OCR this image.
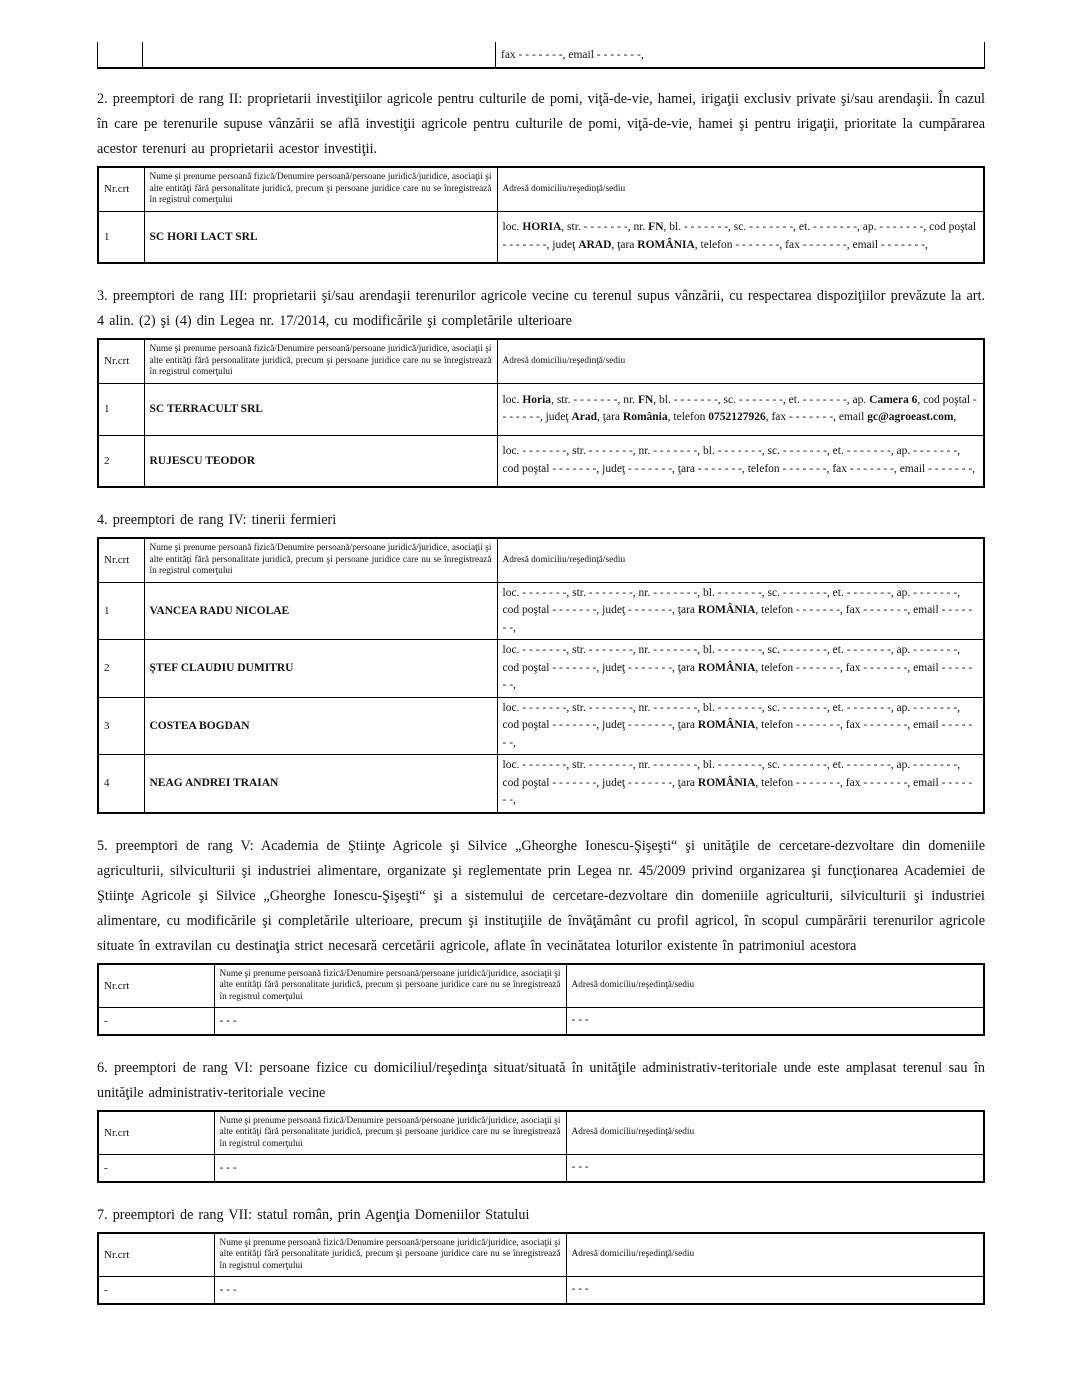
fax - - - - - - -, email - - - - - - -,

2. preemptori de rang II: proprietarii investiţiilor agricole pentru culturile de pomi, viţă-de-vie, hamei, irigaţii exclusiv private şi/sau arendaşii. În cazul în care pe terenurile supuse vânzării se află investiţii agricole pentru culturile de pomi, viţă-de-vie, hamei şi pentru irigaţii, prioritate la cumpărarea acestor terenuri au proprietarii acestor investiţii.

Nr.crt	Nume şi prenume persoană fizică/Denumire persoană/persoane juridică/juridice, asociaţii şi alte entităţi fără personalitate juridică, precum şi persoane juridice care nu se înregistrează în registrul comerţului	Adresă domiciliu/reşedinţă/sediu
1	SC HORI LACT SRL	loc. HORIA, str. - - - - - - -, nr. FN, bl. - - - - - - -, sc. - - - - - - -, et. - - - - - - -, ap. - - - - - - -, cod poştal - - - - - - -, judeţ ARAD, ţara ROMÂNIA, telefon - - - - - - -, fax - - - - - - -, email - - - - - - -,

3. preemptori de rang III: proprietarii şi/sau arendaşii terenurilor agricole vecine cu terenul supus vânzării, cu respectarea dispoziţiilor prevăzute la art. 4 alin. (2) şi (4) din Legea nr. 17/2014, cu modificările şi completările ulterioare

Nr.crt	Nume şi prenume persoană fizică/Denumire persoană/persoane juridică/juridice, asociaţii şi alte entităţi fără personalitate juridică, precum şi persoane juridice care nu se înregistrează în registrul comerţului	Adresă domiciliu/reşedinţă/sediu
1	SC TERRACULT SRL	loc. Horia, str. - - - - - - -, nr. FN, bl. - - - - - - -, sc. - - - - - - -, et. - - - - - - -, ap. Camera 6, cod poştal - - - - - - -, judeţ Arad, ţara România, telefon 0752127926, fax - - - - - - -, email gc@agroeast.com,
2	RUJESCU TEODOR	loc. - - - - - - -, str. - - - - - - -, nr. - - - - - - -, bl. - - - - - - -, sc. - - - - - - -, et. - - - - - - -, ap. - - - - - - -, cod poştal - - - - - - -, judeţ - - - - - - -, ţara - - - - - - -, telefon - - - - - - -, fax - - - - - - -, email - - - - - - -,

4. preemptori de rang IV: tinerii fermieri

Nr.crt	Nume şi prenume persoană fizică/Denumire persoană/persoane juridică/juridice, asociaţii şi alte entităţi fără personalitate juridică, precum şi persoane juridice care nu se înregistrează în registrul comerţului	Adresă domiciliu/reşedinţă/sediu
1	VANCEA RADU NICOLAE	loc. - - - - - - -, str. - - - - - - -, nr. - - - - - - -, bl. - - - - - - -, sc. - - - - - - -, et. - - - - - - -, ap. - - - - - - -, cod poştal - - - - - - -, judeţ - - - - - - -, ţara ROMÂNIA, telefon - - - - - - -, fax - - - - - - -, email - - - - - - -,
2	ŞTEF CLAUDIU DUMITRU	loc. - - - - - - -, str. - - - - - - -, nr. - - - - - - -, bl. - - - - - - -, sc. - - - - - - -, et. - - - - - - -, ap. - - - - - - -, cod poştal - - - - - - -, judeţ - - - - - - -, ţara ROMÂNIA, telefon - - - - - - -, fax - - - - - - -, email - - - - - - -,
3	COSTEA BOGDAN	loc. - - - - - - -, str. - - - - - - -, nr. - - - - - - -, bl. - - - - - - -, sc. - - - - - - -, et. - - - - - - -, ap. - - - - - - -, cod poştal - - - - - - -, judeţ - - - - - - -, ţara ROMÂNIA, telefon - - - - - - -, fax - - - - - - -, email - - - - - - -,
4	NEAG ANDREI TRAIAN	loc. - - - - - - -, str. - - - - - - -, nr. - - - - - - -, bl. - - - - - - -, sc. - - - - - - -, et. - - - - - - -, ap. - - - - - - -, cod poştal - - - - - - -, judeţ - - - - - - -, ţara ROMÂNIA, telefon - - - - - - -, fax - - - - - - -, email - - - - - - -,

5. preemptori de rang V: Academia de Ştiinţe Agricole şi Silvice „Gheorghe Ionescu-Şişeşti“ şi unităţile de cercetare-dezvoltare din domeniile agriculturii, silviculturii şi industriei alimentare, organizate şi reglementate prin Legea nr. 45/2009 privind organizarea şi funcţionarea Academiei de Ştiinţe Agricole şi Silvice „Gheorghe Ionescu-Şişeşti“ şi a sistemului de cercetare-dezvoltare din domeniile agriculturii, silviculturii şi industriei alimentare, cu modificările şi completările ulterioare, precum şi instituţiile de învăţământ cu profil agricol, în scopul cumpărării terenurilor agricole situate în extravilan cu destinaţia strict necesară cercetării agricole, aflate în vecinătatea loturilor existente în patrimoniul acestora

Nr.crt	Nume şi prenume persoană fizică/Denumire persoană/persoane juridică/juridice, asociaţii şi alte entităţi fără personalitate juridică, precum şi persoane juridice care nu se înregistrează în registrul comerţului	Adresă domiciliu/reşedinţă/sediu
-	- - -	- - -

6. preemptori de rang VI: persoane fizice cu domiciliul/reşedinţa situat/situată în unităţile administrativ-teritoriale unde este amplasat terenul sau în unităţile administrativ-teritoriale vecine

Nr.crt	Nume şi prenume persoană fizică/Denumire persoană/persoane juridică/juridice, asociaţii şi alte entităţi fără personalitate juridică, precum şi persoane juridice care nu se înregistrează în registrul comerţului	Adresă domiciliu/reşedinţă/sediu
-	- - -	- - -

7. preemptori de rang VII: statul român, prin Agenţia Domeniilor Statului

Nr.crt	Nume şi prenume persoană fizică/Denumire persoană/persoane juridică/juridice, asociaţii şi alte entităţi fără personalitate juridică, precum şi persoane juridice care nu se înregistrează în registrul comerţului	Adresă domiciliu/reşedinţă/sediu
-	- - -	- - -
